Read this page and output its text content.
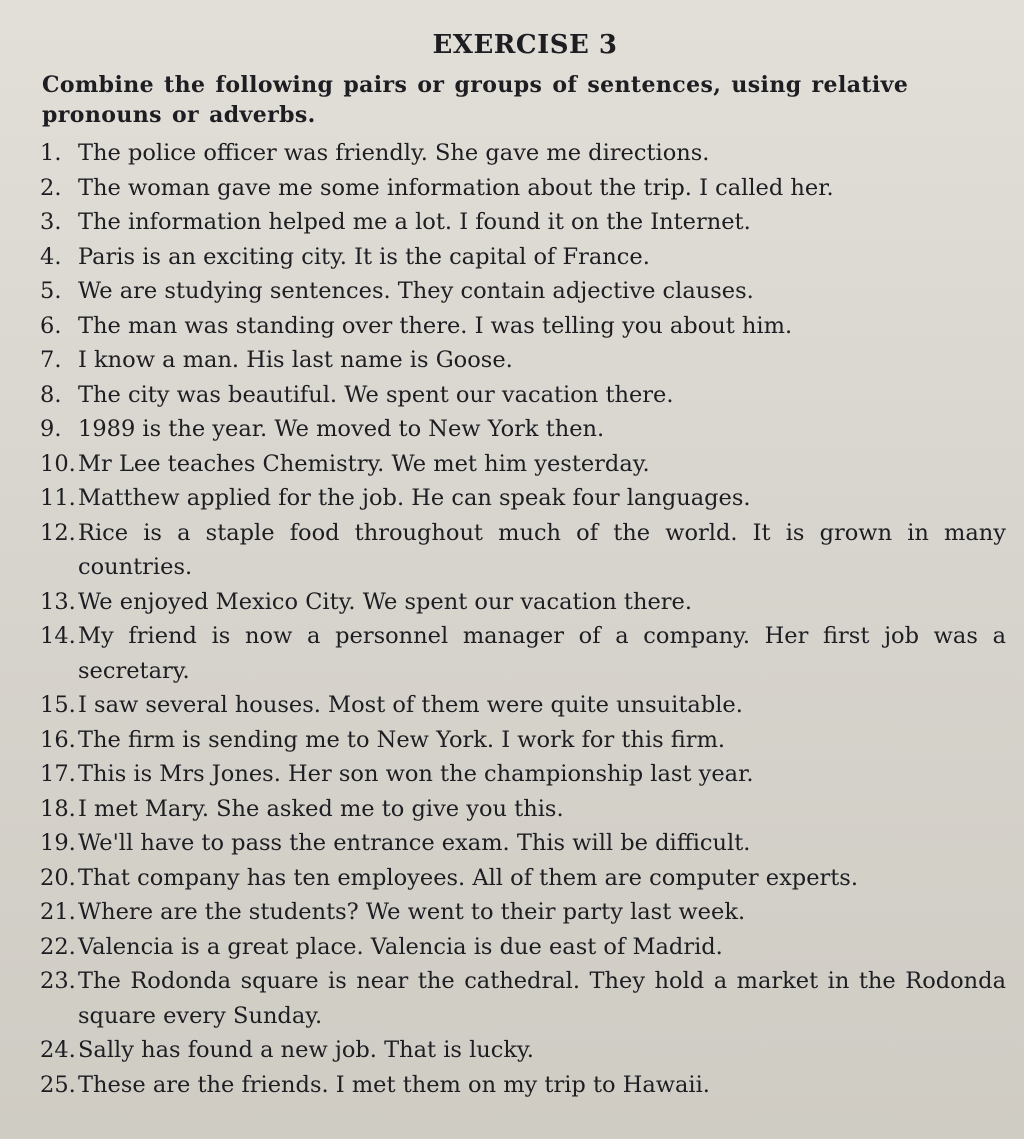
EXERCISE 3
Combine the following pairs or groups of sentences, using relative pronouns or adverbs.
1. The police officer was friendly. She gave me directions.
2. The woman gave me some information about the trip. I called her.
3. The information helped me a lot. I found it on the Internet.
4. Paris is an exciting city. It is the capital of France.
5. We are studying sentences. They contain adjective clauses.
6. The man was standing over there. I was telling you about him.
7. I know a man. His last name is Goose.
8. The city was beautiful. We spent our vacation there.
9. 1989 is the year. We moved to New York then.
10. Mr Lee teaches Chemistry. We met him yesterday.
11. Matthew applied for the job. He can speak four languages.
12. Rice is a staple food throughout much of the world. It is grown in many countries.
13. We enjoyed Mexico City. We spent our vacation there.
14. My friend is now a personnel manager of a company. Her first job was a secretary.
15. I saw several houses. Most of them were quite unsuitable.
16. The firm is sending me to New York. I work for this firm.
17. This is Mrs Jones. Her son won the championship last year.
18. I met Mary. She asked me to give you this.
19. We'll have to pass the entrance exam. This will be difficult.
20. That company has ten employees. All of them are computer experts.
21. Where are the students? We went to their party last week.
22. Valencia is a great place. Valencia is due east of Madrid.
23. The Rodonda square is near the cathedral. They hold a market in the Rodonda square every Sunday.
24. Sally has found a new job. That is lucky.
25. These are the friends. I met them on my trip to Hawaii.
